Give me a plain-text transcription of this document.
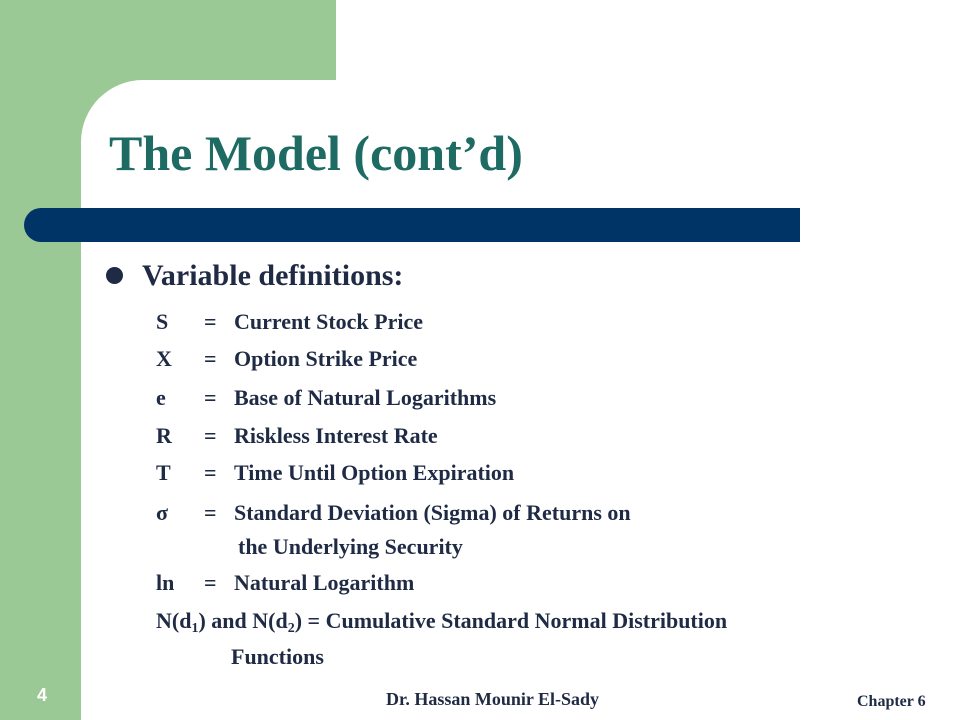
The Model (cont’d)
Variable definitions:
S = Current Stock Price
X = Option Strike Price
e = Base of Natural Logarithms
R = Riskless Interest Rate
T = Time Until Option Expiration
σ = Standard Deviation (Sigma) of Returns on
the Underlying Security
ln = Natural Logarithm
$N(d_1)$ and $N(d_2)$ = Cumulative Standard Normal Distribution
Functions
4	Dr. Hassan Mounir El-Sady	Chapter 6
